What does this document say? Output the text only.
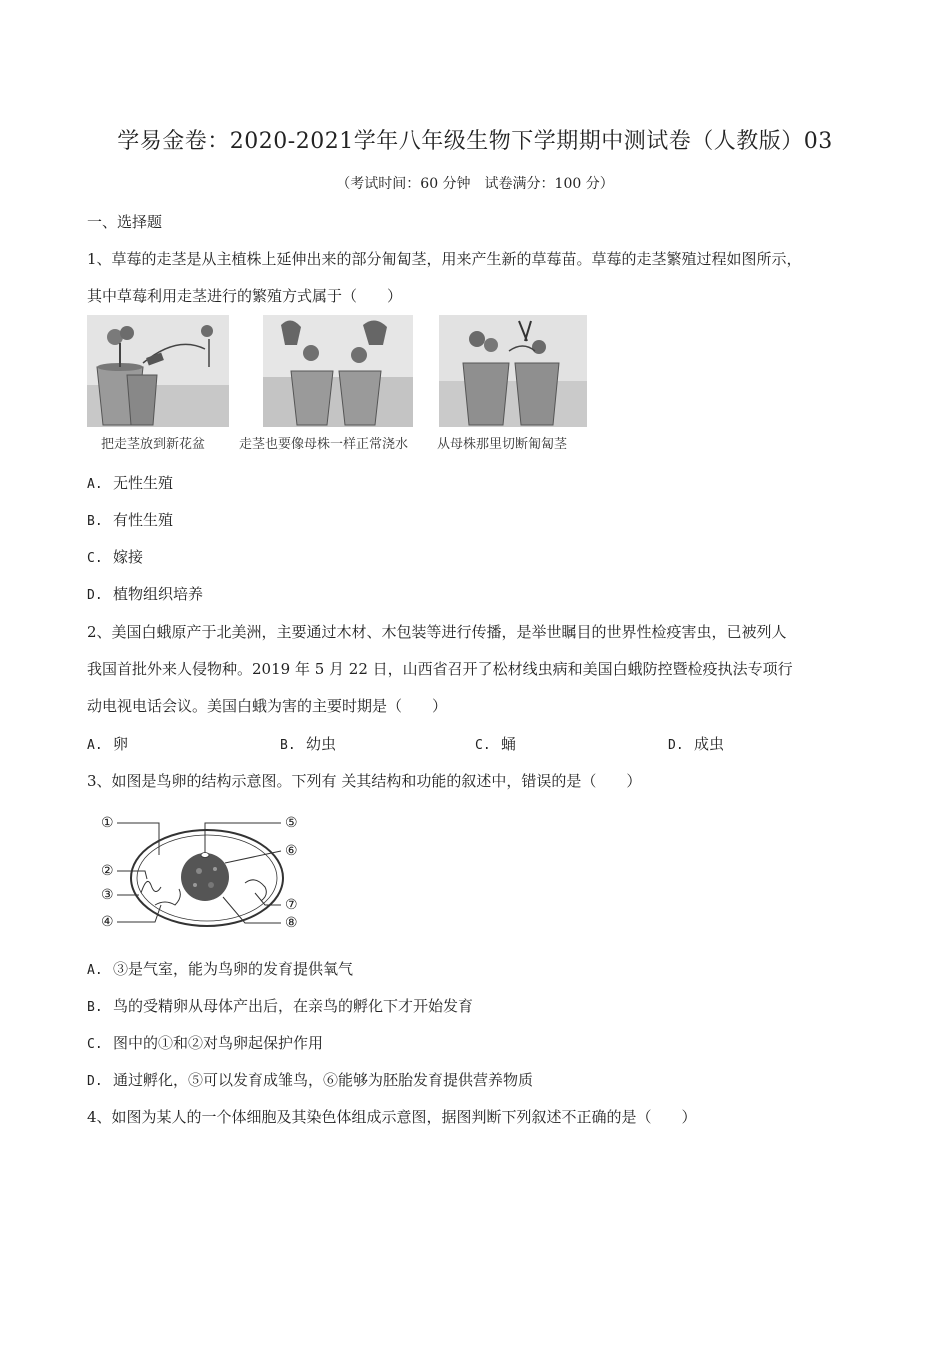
学易金卷：2020-2021学年八年级生物下学期期中测试卷（人教版）03
（考试时间：60 分钟　试卷满分：100 分）
一、选择题
1、草莓的走茎是从主植株上延伸出来的部分匍匐茎，用来产生新的草莓苗。草莓的走茎繁殖过程如图所示，
其中草莓利用走茎进行的繁殖方式属于（　　）
把走茎放到新花盆	走茎也要像母株一样正常浇水 从母株那里切断匍匐茎
A. 无性生殖
B. 有性生殖
C. 嫁接
D. 植物组织培养
2、美国白蛾原产于北美洲，主要通过木材、木包装等进行传播，是举世瞩目的世界性检疫害虫，已被列人
我国首批外来人侵物种。2019 年 5 月 22 日，山西省召开了松材线虫病和美国白蛾防控暨检疫执法专项行
动电视电话会议。美国白蛾为害的主要时期是（　　）
A. 卵	B. 幼虫	C. 蛹	D. 成虫
3、如图是鸟卵的结构示意图。下列有 关其结构和功能的叙述中，错误的是（　　）
①
②
③
④
⑤
⑥
⑦
⑧
A. ③是气室，能为鸟卵的发育提供氧气
B. 鸟的受精卵从母体产出后，在亲鸟的孵化下才开始发育
C. 图中的①和②对鸟卵起保护作用
D. 通过孵化，⑤可以发育成雏鸟，⑥能够为胚胎发育提供营养物质
4、如图为某人的一个体细胞及其染色体组成示意图，据图判断下列叙述不正确的是（　　）
